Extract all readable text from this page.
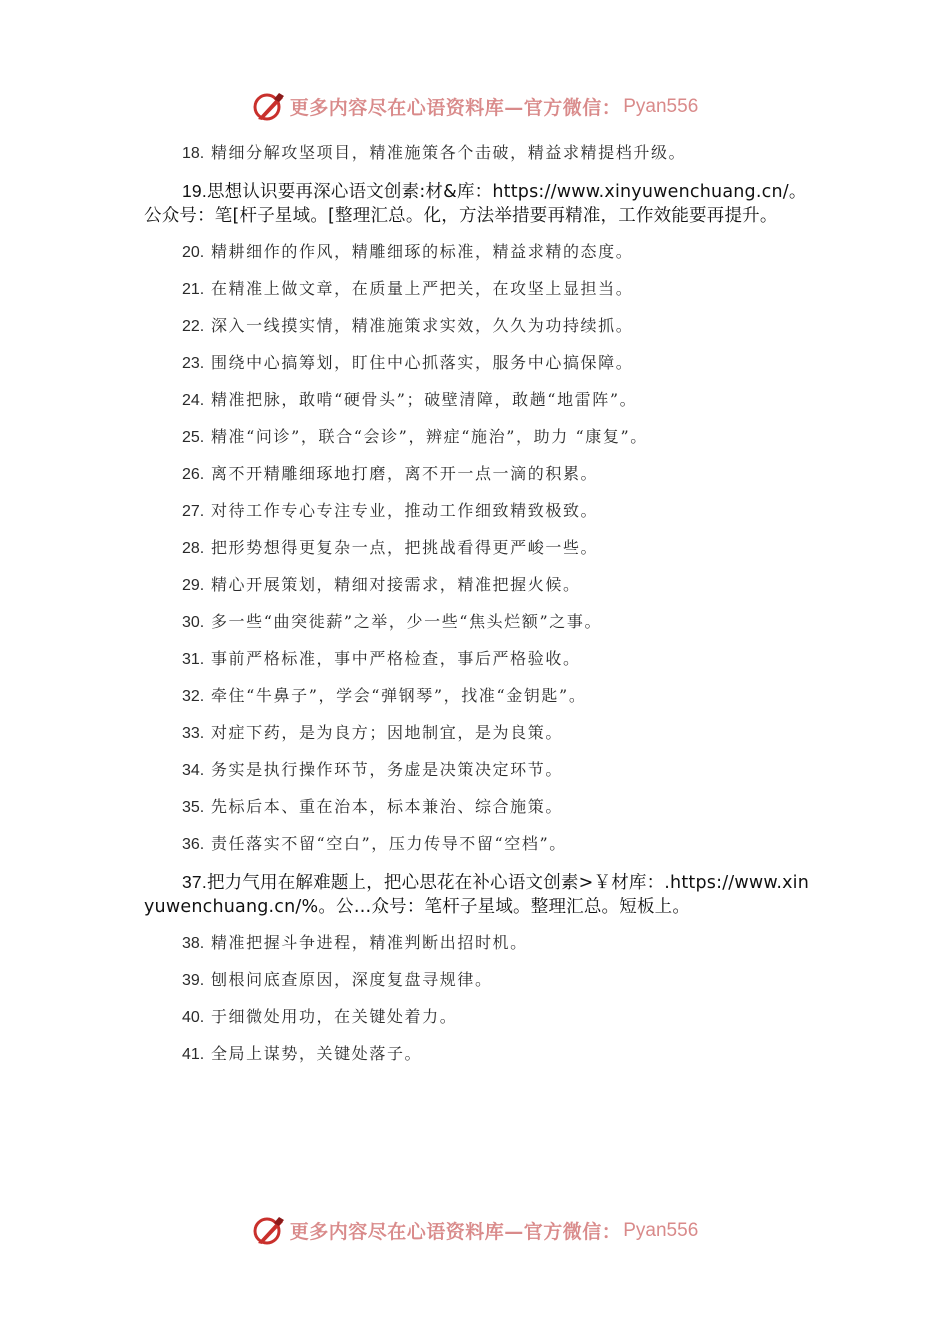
更多内容尽在心语资料库—官方微信： Pyan556
18. 精细分解攻坚项目，精准施策各个击破，精益求精提档升级。
19.思想认识要再深心语文创素:材&库：https://www.xinyuwenchuang.cn/。公众号：笔[杆子星域。[整理汇总。化，方法举措要再精准，工作效能要再提升。
20. 精耕细作的作风，精雕细琢的标准，精益求精的态度。
21. 在精准上做文章，在质量上严把关，在攻坚上显担当。
22. 深入一线摸实情，精准施策求实效，久久为功持续抓。
23. 围绕中心搞筹划，盯住中心抓落实，服务中心搞保障。
24. 精准把脉，敢啃“硬骨头”；破壁清障，敢趟“地雷阵”。
25. 精准“问诊”，联合“会诊”，辨症“施治”，助力 “康复”。
26. 离不开精雕细琢地打磨，离不开一点一滴的积累。
27. 对待工作专心专注专业，推动工作细致精致极致。
28. 把形势想得更复杂一点，把挑战看得更严峻一些。
29. 精心开展策划，精细对接需求，精准把握火候。
30. 多一些“曲突徙薪”之举，少一些“焦头烂额”之事。
31. 事前严格标准，事中严格检查，事后严格验收。
32. 牵住“牛鼻子”，学会“弹钢琴”，找准“金钥匙”。
33. 对症下药，是为良方；因地制宜，是为良策。
34. 务实是执行操作环节，务虚是决策决定环节。
35. 先标后本、重在治本，标本兼治、综合施策。
36. 责任落实不留“空白”，压力传导不留“空档”。
37.把力气用在解难题上，把心思花在补心语文创素>￥材库：.https://www.xinyuwenchuang.cn/%。公…众号：笔杆子星域。整理汇总。短板上。
38. 精准把握斗争进程，精准判断出招时机。
39. 刨根问底查原因，深度复盘寻规律。
40. 于细微处用功，在关键处着力。
41. 全局上谋势，关键处落子。
更多内容尽在心语资料库—官方微信： Pyan556
